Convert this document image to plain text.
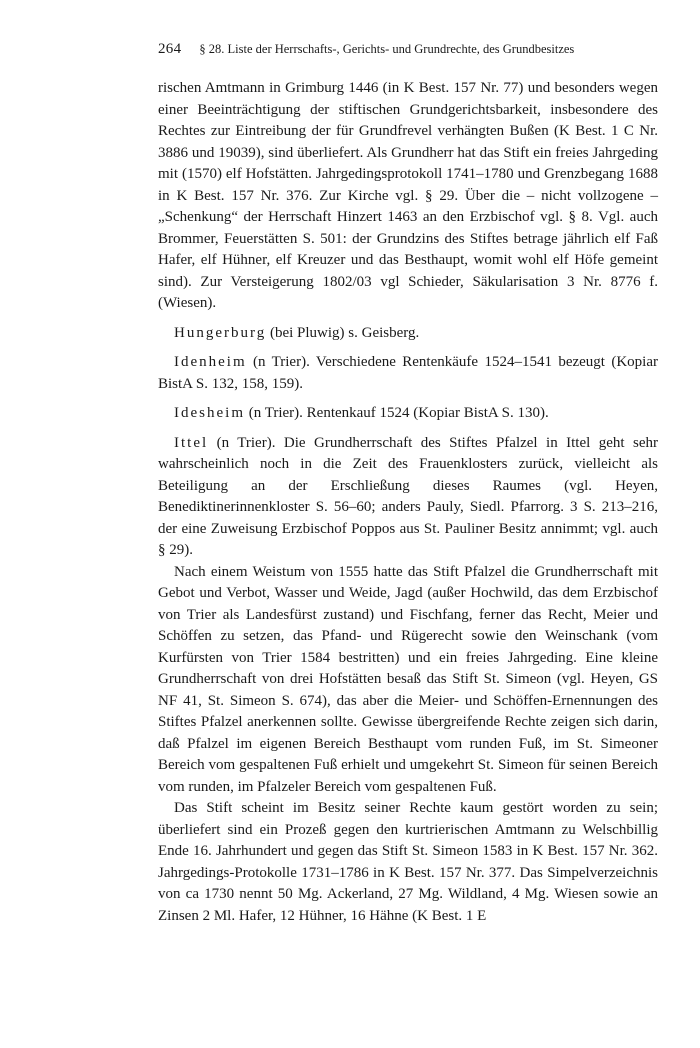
264 § 28. Liste der Herrschafts-, Gerichts- und Grundrechte, des Grundbesitzes

rischen Amtmann in Grimburg 1446 (in K Best. 157 Nr. 77) und besonders wegen einer Beeinträchtigung der stiftischen Grundgerichtsbarkeit, insbesondere des Rechtes zur Eintreibung der für Grundfrevel verhängten Bußen (K Best. 1 C Nr. 3886 und 19039), sind überliefert. Als Grundherr hat das Stift ein freies Jahrgeding mit (1570) elf Hofstätten. Jahrgedingsprotokoll 1741–1780 und Grenzbegang 1688 in K Best. 157 Nr. 376. Zur Kirche vgl. § 29. Über die – nicht vollzogene – „Schenkung“ der Herrschaft Hinzert 1463 an den Erzbischof vgl. § 8. Vgl. auch Brommer, Feuerstätten S. 501: der Grundzins des Stiftes betrage jährlich elf Faß Hafer, elf Hühner, elf Kreuzer und das Besthaupt, womit wohl elf Höfe gemeint sind). Zur Versteigerung 1802/03 vgl Schieder, Säkularisation 3 Nr. 8776 f. (Wiesen).

Hungerburg (bei Pluwig) s. Geisberg.

Idenheim (n Trier). Verschiedene Rentenkäufe 1524–1541 bezeugt (Kopiar BistA S. 132, 158, 159).

Idesheim (n Trier). Rentenkauf 1524 (Kopiar BistA S. 130).

Ittel (n Trier). Die Grundherrschaft des Stiftes Pfalzel in Ittel geht sehr wahrscheinlich noch in die Zeit des Frauenklosters zurück, vielleicht als Beteiligung an der Erschließung dieses Raumes (vgl. Heyen, Benediktinerinnenkloster S. 56–60; anders Pauly, Siedl. Pfarrorg. 3 S. 213–216, der eine Zuweisung Erzbischof Poppos aus St. Pauliner Besitz annimmt; vgl. auch § 29).

Nach einem Weistum von 1555 hatte das Stift Pfalzel die Grundherrschaft mit Gebot und Verbot, Wasser und Weide, Jagd (außer Hochwild, das dem Erzbischof von Trier als Landesfürst zustand) und Fischfang, ferner das Recht, Meier und Schöffen zu setzen, das Pfand- und Rügerecht sowie den Weinschank (vom Kurfürsten von Trier 1584 bestritten) und ein freies Jahrgeding. Eine kleine Grundherrschaft von drei Hofstätten besaß das Stift St. Simeon (vgl. Heyen, GS NF 41, St. Simeon S. 674), das aber die Meier- und Schöffen-Ernennungen des Stiftes Pfalzel anerkennen sollte. Gewisse übergreifende Rechte zeigen sich darin, daß Pfalzel im eigenen Bereich Besthaupt vom runden Fuß, im St. Simeoner Bereich vom gespaltenen Fuß erhielt und umgekehrt St. Simeon für seinen Bereich vom runden, im Pfalzeler Bereich vom gespaltenen Fuß.

Das Stift scheint im Besitz seiner Rechte kaum gestört worden zu sein; überliefert sind ein Prozeß gegen den kurtrierischen Amtmann zu Welschbillig Ende 16. Jahrhundert und gegen das Stift St. Simeon 1583 in K Best. 157 Nr. 362. Jahrgedings-Protokolle 1731–1786 in K Best. 157 Nr. 377. Das Simpelverzeichnis von ca 1730 nennt 50 Mg. Ackerland, 27 Mg. Wildland, 4 Mg. Wiesen sowie an Zinsen 2 Ml. Hafer, 12 Hühner, 16 Hähne (K Best. 1 E
